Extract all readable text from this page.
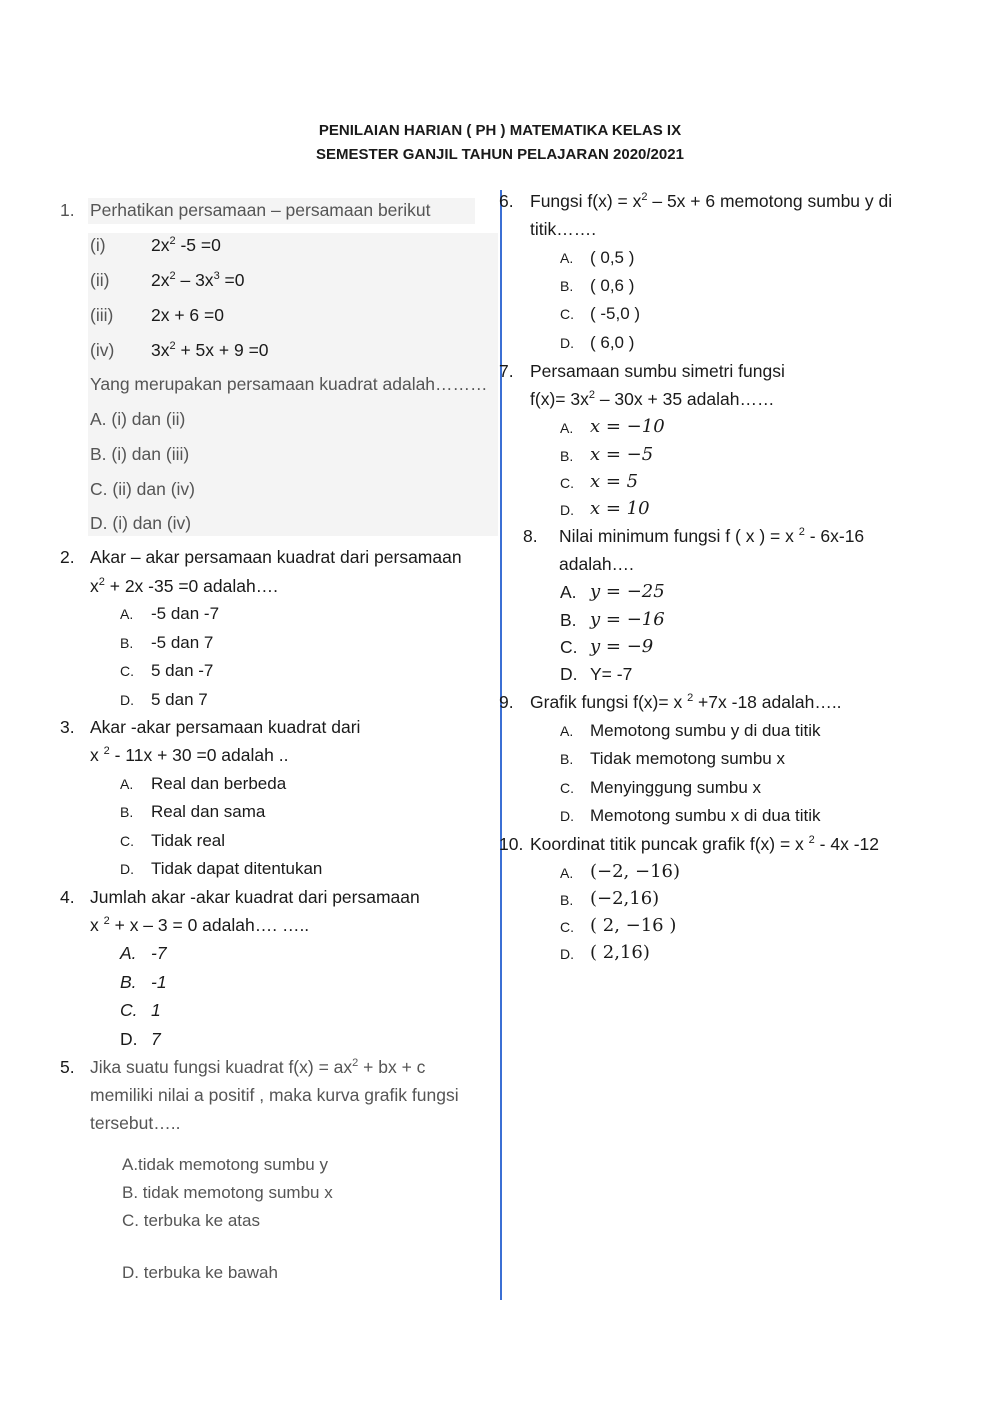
PENILAIAN HARIAN ( PH ) MATEMATIKA KELAS IX
SEMESTER GANJIL TAHUN PELAJARAN 2020/2021
1. Perhatikan persamaan – persamaan berikut
(i)	$2x^2$ -5 =0
(ii) $2x^2 - 3x^3 =0$
(iii) 2x + 6 =0
(iv) $3x^2 + 5x + 9 =0$
Yang merupakan persamaan kuadrat adalah………
A. (i) dan (ii)
B. (i) dan (iii)
C. (ii) dan (iv)
D. (i) dan (iv)
2. Akar – akar persamaan kuadrat dari persamaan
$x^2 + 2x$ -35 =0 adalah….
A. -5 dan -7
B. -5 dan 7
C. 5 dan -7
D. 5 dan 7
3. Akar -akar persamaan kuadrat dari
x $^2$ - 11x + 30 =0 adalah ..
A. Real dan berbeda
B. Real dan sama
C. Tidak real
D. Tidak dapat ditentukan
4. Jumlah akar -akar kuadrat dari persamaan
x $^2$ + x – 3 = 0 adalah…. …..
A. -7
B. -1
C. 1
D. 7
5. Jika suatu fungsi kuadrat $f(x) = ax^2$ + bx + c
memiliki nilai a positif , maka kurva grafik fungsi
tersebut…..
A.tidak memotong sumbu y
B. tidak memotong sumbu x
C. terbuka ke atas
D. terbuka ke bawah
6. Fungsi $f(x) = x^2 - 5x + 6$ memotong sumbu y di
titik…….
A. ( 0,5 )
B. ( 0,6 )
C. ( -5,0 )
D. ( 6,0 )
7. Persamaan sumbu simetri fungsi
$f(x)= 3x^2 - 30x + 35$ adalah……
A. x = −10
B. x = −5
C. x = 5
D. x = 10
8. Nilai minimum fungsi f ( x ) = x $^2$ - 6x-16
adalah….
A. y = −25
B. y = −16
C. y = −9
D. Y= -7
9. Grafik fungsi f(x)= x $^2$ +7x -18 adalah…..
A. Memotong sumbu y di dua titik
B. Tidak memotong sumbu x
C. Menyinggung sumbu x
D. Memotong sumbu x di dua titik
10. Koordinat titik puncak grafik f(x) = x $^2$ - 4x -12
A. (−2, −16)
B. (−2,16)
C. ( 2, −16 )
D. ( 2,16)
